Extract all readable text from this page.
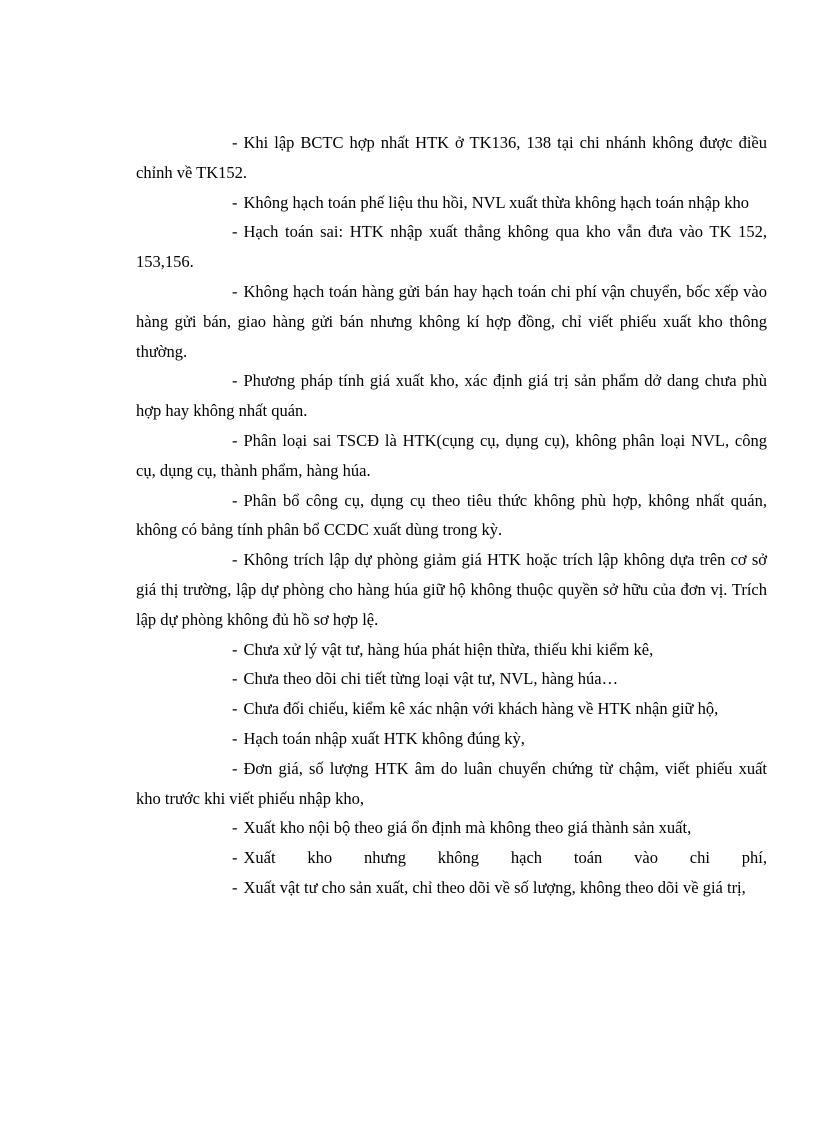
- Khi lập BCTC hợp nhất HTK ở TK136, 138 tại chi nhánh không được điều chỉnh về TK152.

- Không hạch toán phế liệu thu hồi, NVL xuất thừa không hạch toán nhập kho

- Hạch toán sai: HTK nhập xuất thẳng không qua kho vẫn đưa vào TK 152, 153,156.

- Không hạch toán hàng gửi bán hay hạch toán chi phí vận chuyển, bốc xếp vào hàng gửi bán, giao hàng gửi bán nhưng không kí hợp đồng, chỉ viết phiếu xuất kho thông thường.

- Phương pháp tính giá xuất kho, xác định giá trị sản phẩm dở dang chưa phù hợp hay không nhất quán.

- Phân loại sai TSCĐ là HTK(cụng cụ, dụng cụ), không phân loại NVL, công cụ, dụng cụ, thành phẩm, hàng húa.

- Phân bổ công cụ, dụng cụ theo tiêu thức không phù hợp, không nhất quán, không có bảng tính phân bổ CCDC xuất dùng trong kỳ.

- Không trích lập dự phòng giảm giá HTK hoặc trích lập không dựa trên cơ sở giá thị trường, lập dự phòng cho hàng húa giữ hộ không thuộc quyền sở hữu của đơn vị. Trích lập dự phòng không đủ hồ sơ hợp lệ.

- Chưa xử lý vật tư, hàng húa phát hiện thừa, thiếu khi kiểm kê,

- Chưa theo dõi chi tiết từng loại vật tư, NVL, hàng húa…

- Chưa đối chiếu, kiểm kê xác nhận với khách hàng về HTK nhận giữ hộ,

- Hạch toán nhập xuất HTK không đúng kỳ,

- Đơn giá, số lượng HTK âm do luân chuyển chứng từ chậm, viết phiếu xuất kho trước khi viết phiếu nhập kho,

- Xuất kho nội bộ theo giá ổn định mà không theo giá thành sản xuất,

- Xuất kho nhưng không hạch toán vào chi phí,

- Xuất vật tư cho sản xuất, chỉ theo dõi về số lượng, không theo dõi về giá trị,
